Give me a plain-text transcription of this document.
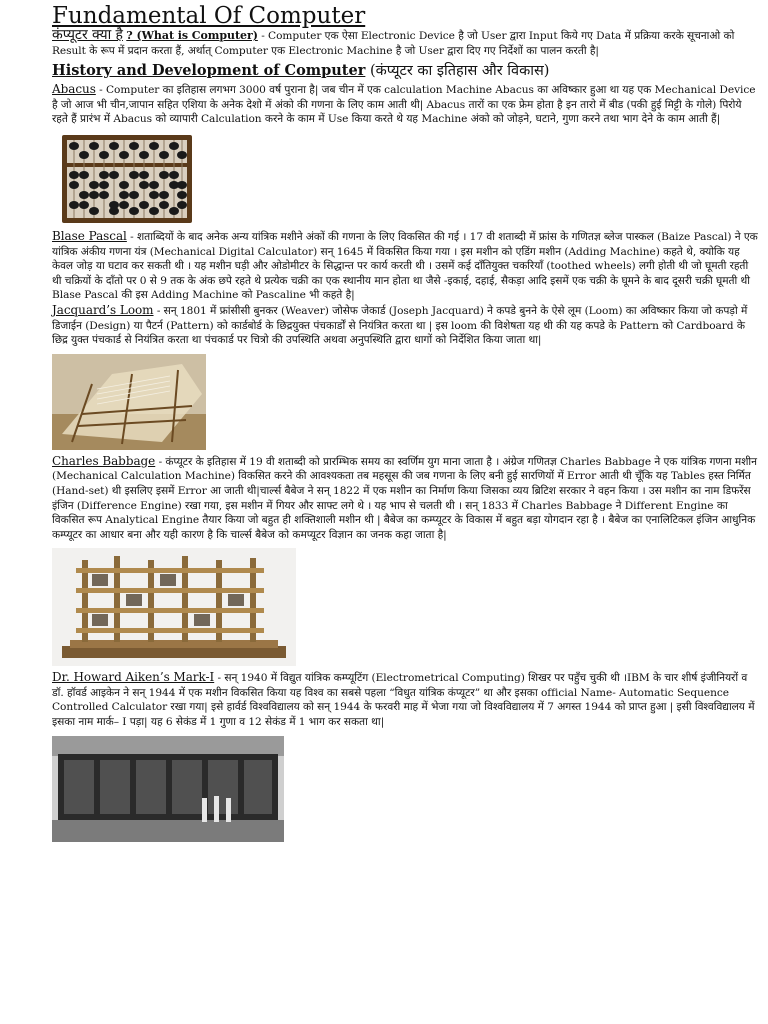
Fundamental Of Computer

कंप्यूटर क्या है ? (What is Computer) - Computer एक ऐसा Electronic Device है जो User द्वारा Input किये गए Data में प्रक्रिया करके सूचनाओ को Result के रूप में प्रदान करता हैं, अर्थात् Computer एक Electronic Machine है जो User द्वारा दिए गए निर्देशों का पालन करती है|

History and Development of Computer (कंप्यूटर का इतिहास और विकास)

Abacus - Computer का इतिहास लगभग 3000 वर्ष पुराना है| जब चीन में एक calculation Machine Abacus का अविष्कार हुआ था यह एक Mechanical Device है जो आज भी चीन,जापान सहित एशिया के अनेक देशो में अंको की गणना के लिए काम आती थी| Abacus तारों का एक फ्रेम होता है इन तारो में बीड (पकी हुई मिट्टी के गोले) पिरोये रहते हैं प्रारंभ में Abacus को व्यापारी Calculation करने के काम में Use किया करते थे यह Machine अंको को जोड़ने, घटाने, गुणा करने तथा भाग देने के काम आती हैं|

Blase Pascal - शताब्दियों के बाद अनेक अन्य यांत्रिक मशीने अंकों की गणना के लिए विकसित की गई । 17 वी शताब्दी में फ्रांस के गणितज्ञ ब्लेज पास्कल (Baize Pascal) ने एक यांत्रिक अंकीय गणना यंत्र (Mechanical Digital Calculator) सन् 1645 में विकसित किया गया । इस मशीन को एडिंग मशीन (Adding Machine) कहते थे, क्योकि यह केवल जोड़ या घटाव कर सकती थी । यह मशीन घड़ी और ओडोमीटर के सिद्धान्त पर कार्य करती थी । उसमें कई दाँतियुक्त चकरियाँ (toothed wheels) लगी होती थी जो घूमती रहती थी चक्रियों के दाँतो पर 0 से 9 तक के अंक छपे रहते थे प्रत्येक चक्री का एक स्थानीय मान होता था जैसे -इकाई, दहाई, सैकड़ा आदि इसमें एक चक्री के घूमने के बाद दूसरी चक्री घूमती थी Blase Pascal की इस Adding Machine को Pascaline भी कहते है|

Jacquard’s Loom - सन् 1801 में फ्रांसीसी बुनकर (Weaver) जोसेफ जेकार्ड (Joseph Jacquard) ने कपडे बुनने के ऐसे लूम (Loom) का अविष्कार किया जो कपड़ो में डिजाईन (Design) या पैटर्न (Pattern) को कार्डबोर्ड के छिद्रयुक्त पंचकार्डों से नियंत्रित करता था | इस loom की विशेषता यह थी की यह कपडे के Pattern को Cardboard के छिद्र युक्त पंचकार्ड से नियंत्रित करता था पंचकार्ड पर चित्रो की उपस्थिति अथवा अनुपस्थिति द्वारा धागों को निर्देशित किया जाता था|

Charles Babbage - कंप्यूटर के इतिहास में 19 वी शताब्दी को प्रारम्भिक समय का स्वर्णिम युग माना जाता है । अंग्रेज गणितज्ञ Charles Babbage ने एक यांत्रिक गणना मशीन (Mechanical Calculation Machine) विकसित करने की आवश्यकता तब महसूस की जब गणना के लिए बनी हुई सारणियों में Error आती थी चूँकि यह Tables हस्त निर्मित (Hand-set) थी इसलिए इसमें Error आ जाती थी|चार्ल्स बैबेज ने सन् 1822 में एक मशीन का निर्माण किया जिसका व्यय ब्रिटिश सरकार ने वहन किया । उस मशीन का नाम डिफरेंस इंजिन (Difference Engine) रखा गया, इस मशीन में गियर और साफ्ट लगे थे । यह भाप से चलती थी । सन् 1833 में Charles Babbage ने Different Engine का विकसित रूप Analytical Engine तैयार किया जो बहुत ही शक्तिशाली मशीन थी | बैबेज का कम्प्यूटर के विकास में बहुत बड़ा योगदान रहा है । बैबेज का एनालिटिकल इंजिन आधुनिक कम्प्यूटर का आधार बना और यही कारण है कि चार्ल्स बैबेज को कमप्यूटर विज्ञान का जनक कहा जाता है|

Dr. Howard Aiken’s Mark-I - सन् 1940 में विद्युत यांत्रिक कम्प्यूटिंग (Electrometrical Computing) शिखर पर पहुँच चुकी थी ।IBM के चार शीर्ष इंजीनियरों व डॉ. हॉवर्ड आइकेन ने सन् 1944 में एक मशीन विकसित किया यह विश्व का सबसे पहला “विधुत यांत्रिक कंप्यूटर” था और इसका official Name- Automatic Sequence Controlled Calculator रखा गया| इसे हार्वर्ड विश्वविद्यालय को सन् 1944 के फरवरी माह में भेजा गया जो विश्वविद्यालय में 7 अगस्त 1944 को प्राप्त हुआ | इसी विश्वविद्यालय में इसका नाम मार्क– I पड़ा| यह 6 सेकंड में 1 गुणा व 12 सेकंड में 1 भाग कर सकता था|
